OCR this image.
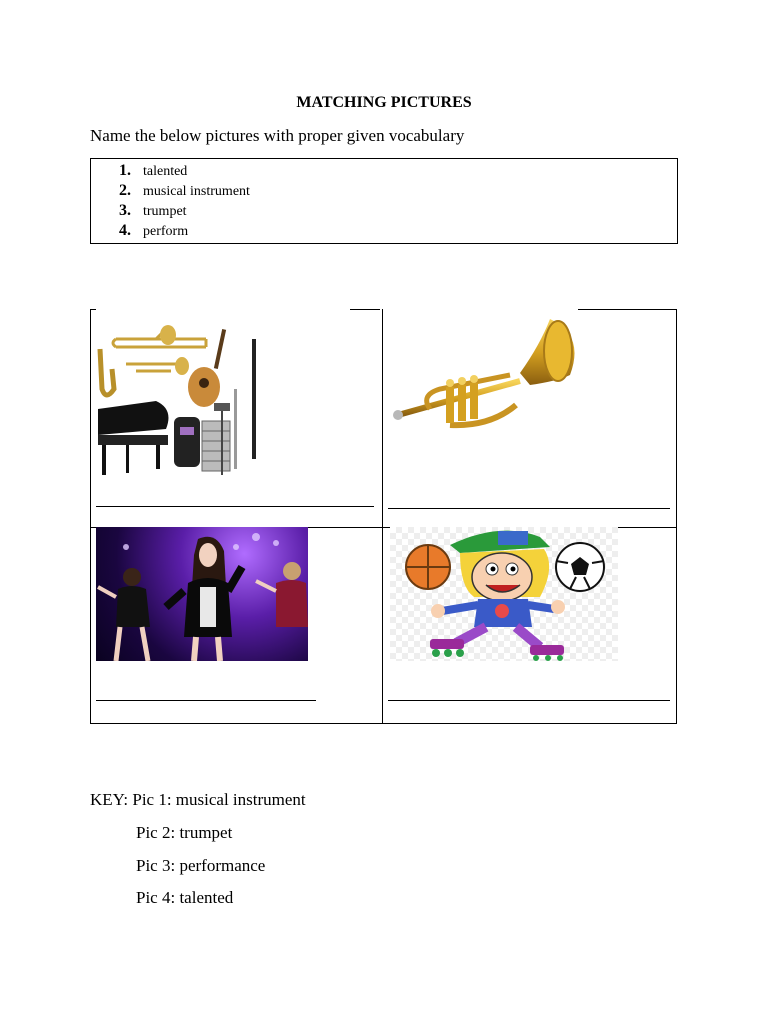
MATCHING PICTURES
Name the below pictures with proper given vocabulary
1. talented
2. musical instrument
3. trumpet
4. perform
KEY: Pic 1: musical instrument
Pic 2: trumpet
Pic 3: performance
Pic 4: talented
